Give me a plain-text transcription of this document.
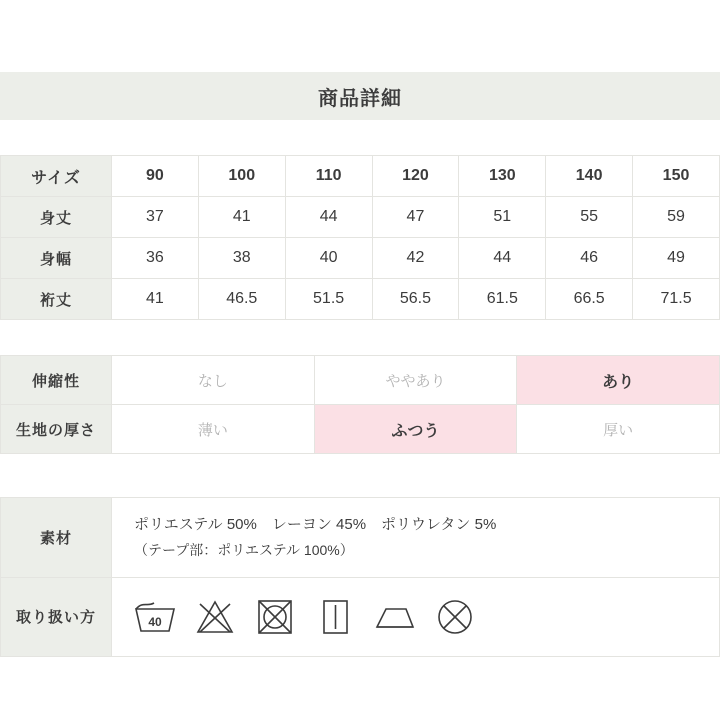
商品詳細
サイズ	90	100	110	120	130	140	150
身丈	37	41	44	47	51	55	59
身幅	36	38	40	42	44	46	49
裄丈	41	46.5	51.5	56.5	61.5	66.5	71.5
伸縮性	なし	ややあり	あり
生地の厚さ	薄い	ふつう	厚い
素材	ポリエステル 50%　レーヨン 45%　ポリウレタン 5%
（テープ部：ポリエステル 100%）

取り扱い方	40
